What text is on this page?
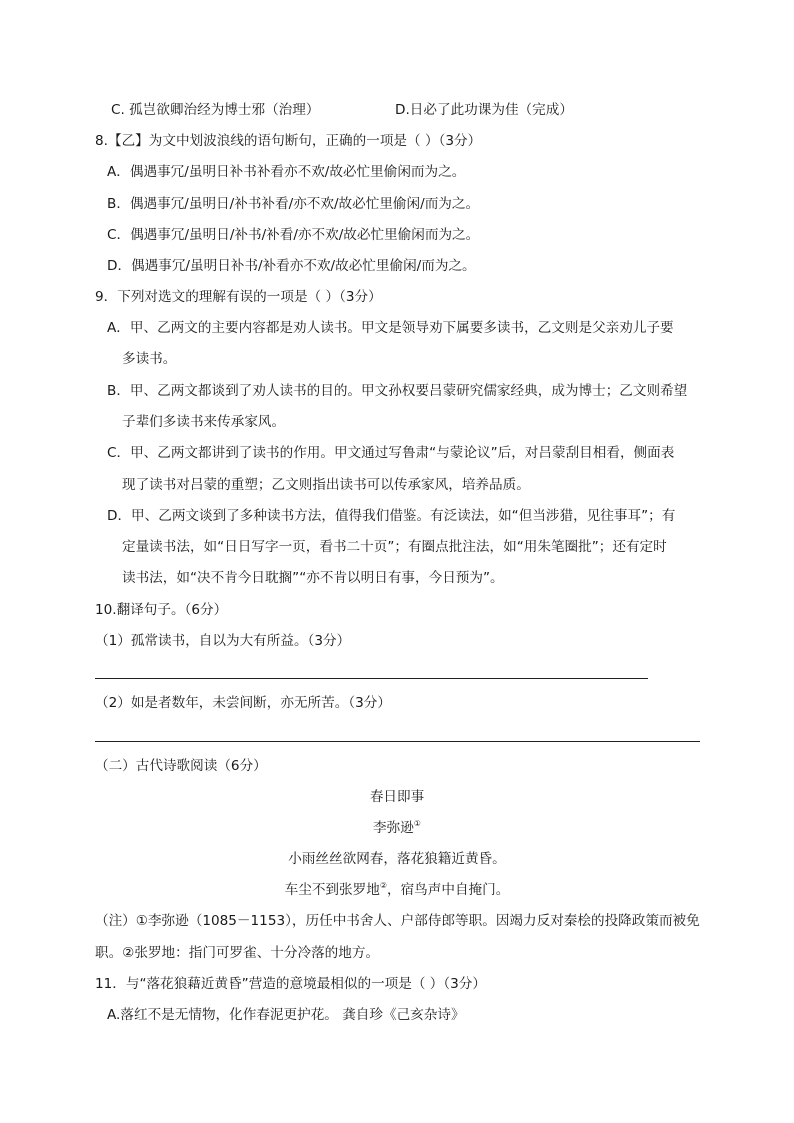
C. 孤岂欲卿治经为博士邪（治理）	D.日必了此功课为佳（完成）
8.【乙】为文中划波浪线的语句断句，正确的一项是（ ）（3分）
A．偶遇事冗/虽明日补书补看亦不欢/故必忙里偷闲而为之。
B．偶遇事冗/虽明日/补书补看/亦不欢/故必忙里偷闲/而为之。
C．偶遇事冗/虽明日/补书/补看/亦不欢/故必忙里偷闲而为之。
D．偶遇事冗/虽明日补书/补看亦不欢/故必忙里偷闲/而为之。
9．下列对选文的理解有误的一项是（ ）（3分）
A．甲、乙两文的主要内容都是劝人读书。甲文是领导劝下属要多读书，乙文则是父亲劝儿子要
多读书。
B．甲、乙两文都谈到了劝人读书的目的。甲文孙权要吕蒙研究儒家经典，成为博士；乙文则希望
子辈们多读书来传承家风。
C．甲、乙两文都讲到了读书的作用。甲文通过写鲁肃“与蒙论议”后，对吕蒙刮目相看，侧面表
现了读书对吕蒙的重塑；乙文则指出读书可以传承家风，培养品质。
D．甲、乙两文谈到了多种读书方法，值得我们借鉴。有泛读法，如“但当涉猎，见往事耳”；有
定量读书法，如“日日写字一页，看书二十页”；有圈点批注法，如“用朱笔圈批”；还有定时
读书法，如“决不肯今日耽搁”“亦不肯以明日有事，今日预为”。
10.翻译句子。（6分）
（1）孤常读书，自以为大有所益。（3分）
（2）如是者数年，未尝间断，亦无所苦。（3分）
（二）古代诗歌阅读（6分）
春日即事
李弥逊①
小雨丝丝欲网春，落花狼籍近黄昏。
车尘不到张罗地②，宿鸟声中自掩门。
（注）①李弥逊（1085－1153），历任中书舍人、户部侍郎等职。因竭力反对秦桧的投降政策而被免
职。②张罗地：指门可罗雀、十分冷落的地方。
11．与“落花狼藉近黄昏”营造的意境最相似的一项是（ ）（3分）
A.落红不是无情物，化作春泥更护花。 龚自珍《己亥杂诗》
